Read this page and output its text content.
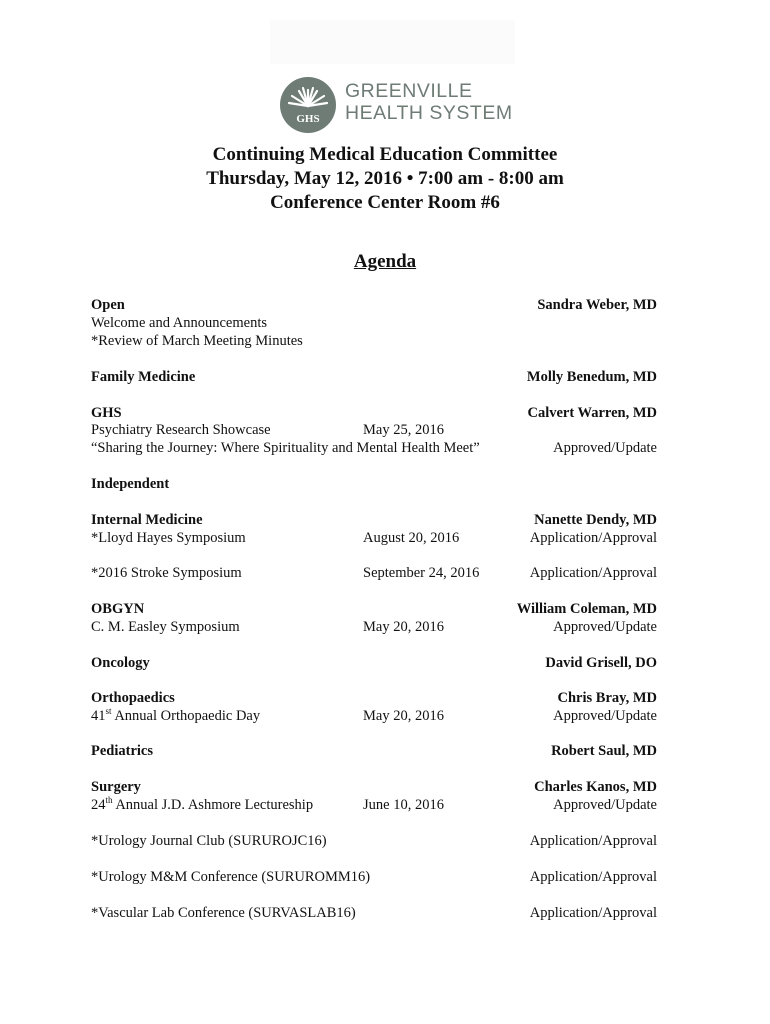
GHS
GREENVILLE
HEALTH SYSTEM
Continuing Medical Education Committee
Thursday, May 12, 2016 • 7:00 am - 8:00 am
Conference Center Room #6
Agenda
Open	Sandra Weber, MD
Welcome and Announcements
*Review of March Meeting Minutes
Family Medicine	Molly Benedum, MD
GHS	Calvert Warren, MD
Psychiatry Research Showcase	May 25, 2016
“Sharing the Journey: Where Spirituality and Mental Health Meet”	Approved/Update
Independent
Internal Medicine	Nanette Dendy, MD
*Lloyd Hayes Symposium	August 20, 2016	Application/Approval
*2016 Stroke Symposium	September 24, 2016	Application/Approval
OBGYN	William Coleman, MD
C. M. Easley Symposium	May 20, 2016	Approved/Update
Oncology	David Grisell, DO
Orthopaedics	Chris Bray, MD
41st Annual Orthopaedic Day	May 20, 2016	Approved/Update
Pediatrics	Robert Saul, MD
Surgery	Charles Kanos, MD
24th Annual J.D. Ashmore Lectureship	June 10, 2016	Approved/Update
*Urology Journal Club (SURUROJC16)	Application/Approval
*Urology M&M Conference (SURUROMM16)	Application/Approval
*Vascular Lab Conference (SURVASLAB16)	Application/Approval
